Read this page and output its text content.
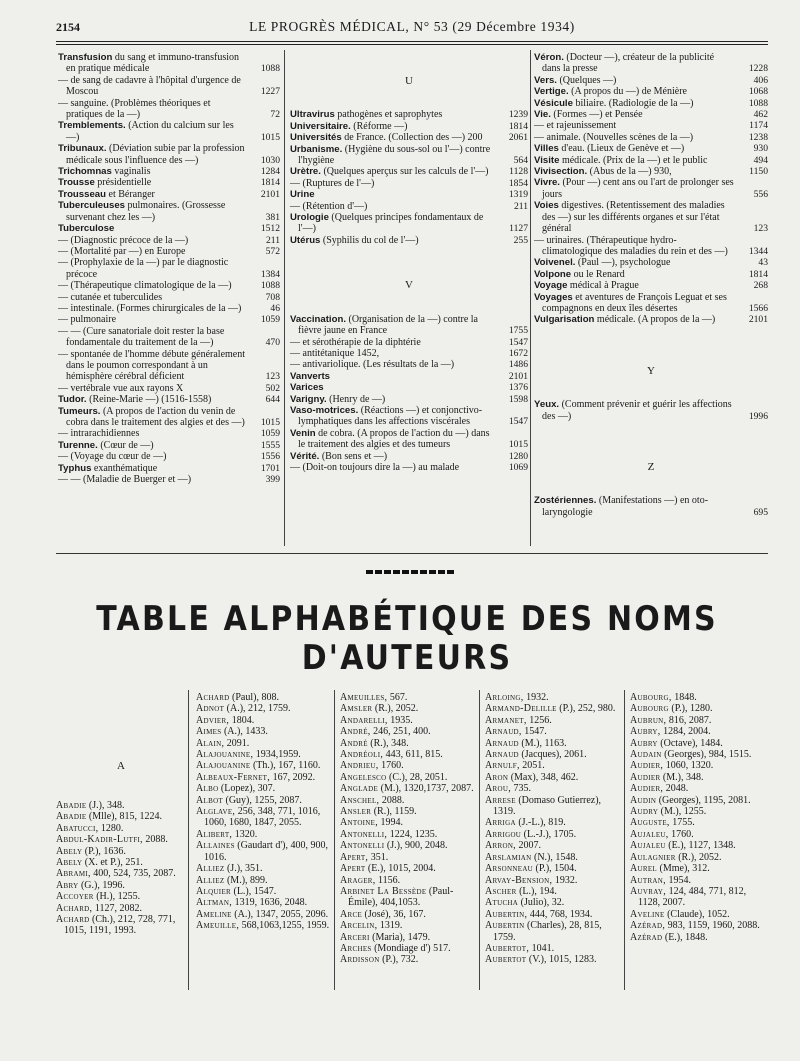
2154	LE PROGRÈS MÉDICAL, N° 53 (29 Décembre 1934)
Transfusion du sang et immuno-transfusion en pratique médicale	1088
— de sang de cadavre à l'hôpital d'urgence de Moscou	1227
— sanguine. (Problèmes théoriques et pratiques de la —)	72
Tremblements. (Action du calcium sur les —)	1015
Tribunaux. (Déviation subie par la profession médicale sous l'influence des —)	1030
Trichomnas vaginalis	1284
Trousse présidentielle	1814
Trousseau et Béranger	2101
Tuberculeuses pulmonaires. (Grossesse survenant chez les —)	381
Tuberculose	1512
— (Diagnostic précoce de la —)	211
— (Mortalité par —) en Europe	572
— (Prophylaxie de la —) par le diagnostic précoce	1384
— (Thérapeutique climatologique de la —)	1088
— cutanée et tuberculides	708
— intestinale. (Formes chirurgicales de la —)	46
— pulmonaire	1059
— — (Cure sanatoriale doit rester la base fondamentale du traitement de la —)	470
— spontanée de l'homme débute généralement dans le poumon correspondant à un hémisphère cérébral déficient	123
— vertébrale vue aux rayons X	502
Tudor. (Reine-Marie —) (1516-1558)	644
Tumeurs. (A propos de l'action du venin de cobra dans le traitement des algies et des —) 1015
— intrarachidiennes	1059
Turenne. (Cœur de —)	1555
— (Voyage du cœur de —)	1556
Typhus exanthématique	1701
— — (Maladie de Buerger et —)	399
U
Ultravirus pathogènes et saprophytes	1239
Universitaire. (Réforme —)	1814
Universités de France. (Collection des —) 200	2061
Urbanisme. (Hygiène du sous-sol ou l'—) contre l'hygiène	564
Urètre. (Quelques aperçus sur les calculs de l'—)	1128
— (Ruptures de l'—)	1854
Urine	1319
— (Rétention d'—)	211
Urologie (Quelques principes fondamentaux de l'—)	1127
Utérus (Syphilis du col de l'—)	255
V
Vaccination. (Organisation de la —) contre la fièvre jaune en France	1755
— et sérothérapie de la diphtérie	1547
— antitétanique 1452,	1672
— antivariolique. (Les résultats de la —)	1486
Vanverts	2101
Varices	1376
Varigny. (Henry de —)	1598
Vaso-motrices. (Réactions —) et conjonctivo-lymphatiques dans les affections viscérales	1547
Venin de cobra. (A propos de l'action du —) dans le traitement des algies et des tumeurs	1015
Vérité. (Bon sens et —)	1280
— (Doit-on toujours dire la —) au malade	1069
Véron. (Docteur —), créateur de la publicité dans la presse	1228
Vers. (Quelques —)	406
Vertige. (A propos du —) de Ménière	1068
Vésicule biliaire. (Radiologie de la —)	1088
Vie. (Formes —) et Pensée	462
— et rajeunissement	1174
— animale. (Nouvelles scènes de la —)	1238
Villes d'eau. (Lieux de Genève et —)	930
Visite médicale. (Prix de la —) et le public	494
Vivisection. (Abus de la —) 930,	1150
Vivre. (Pour —) cent ans ou l'art de prolonger ses jours	556
Voies digestives. (Retentissement des maladies des —) sur les différents organes et sur l'état général	123
— urinaires. (Thérapeutique hydro-climatologique des maladies du rein et des —)	1344
Voivenel. (Paul —), psychologue	43
Volpone ou le Renard	1814
Voyage médical à Prague	268
Voyages et aventures de François Leguat et ses compagnons en deux îles désertes	1566
Vulgarisation médicale. (A propos de la —)	2101
Y
Yeux. (Comment prévenir et guérir les affections des —)	1996
Z
Zostériennes. (Manifestations —) en oto-laryngologie	695
TABLE ALPHABÉTIQUE DES NOMS D'AUTEURS
A
Abadie (J.), 348.
Abadie (Mlle), 815, 1224.
Abatucci, 1280.
Abdul-Kadir-Lutfi, 2088.
Abely (P.), 1636.
Abely (X. et P.), 251.
Abrami, 400, 524, 735, 2087.
Abry (G.), 1996.
Accoyer (H.), 1255.
Achard, 1127, 2082.
Achard (Ch.), 212, 728, 771, 1015, 1191, 1993.
Achard (Paul), 808.
Adnot (A.), 212, 1759.
Advier, 1804.
Aimes (A.), 1433.
Alain, 2091.
Alajouanine, 1934,1959.
Alajouanine (Th.), 167, 1160.
Albeaux-Fernet, 167, 2092.
Albo (Lopez), 307.
Albot (Guy), 1255, 2087.
Alglave, 256, 348, 771, 1016, 1060, 1680, 1847, 2055.
Alibert, 1320.
Allaines (Gaudart d'), 400, 900, 1016.
Alliez (J.), 351.
Alliez (M.), 899.
Alquier (L.), 1547.
Altman, 1319, 1636, 2048.
Ameline (A.), 1347, 2055, 2096.
Ameuille, 568,1063,1255, 1959.
Ameuilles, 567.
Amsler (R.), 2052.
Andarelli, 1935.
André, 246, 251, 400.
André (R.), 348.
Andréoli, 443, 611, 815.
Andrieu, 1760.
Angelesco (C.), 28, 2051.
Anglade (M.), 1320,1737, 2087.
Anschel, 2088.
Ansler (R.), 1159.
Antoine, 1994.
Antonelli, 1224, 1235.
Antonelli (J.), 900, 2048.
Apert, 351.
Apert (E.), 1015, 2004.
Arager, 1156.
Arbinet La Bessède (Paul-Émile), 404,1053.
Arce (José), 36, 167.
Arcelin, 1319.
Arceri (Maria), 1479.
Arches (Mondiage d') 517.
Ardisson (P.), 732.
Arloing, 1932.
Armand-Delille (P.), 252, 980.
Armanet, 1256.
Arnaud, 1547.
Arnaud (M.), 1163.
Arnaud (Jacques), 2061.
Arnulf, 2051.
Aron (Max), 348, 462.
Arou, 735.
Arrese (Domaso Gutierrez), 1319.
Arriga (J.-L.), 819.
Arrigou (L.-J.), 1705.
Arron, 2007.
Arslamian (N.), 1548.
Arsonneau (P.), 1504.
Arvay-Bension, 1932.
Ascher (L.), 194.
Atucha (Julio), 32.
Aubertin, 444, 768, 1934.
Aubertin (Charles), 28, 815, 1759.
Aubertot, 1041.
Aubertot (V.), 1015, 1283.
Aubourg, 1848.
Aubourg (P.), 1280.
Aubrun, 816, 2087.
Aubry, 1284, 2004.
Aubry (Octave), 1484.
Audain (Georges), 984, 1515.
Audier, 1060, 1320.
Audier (M.), 348.
Audier, 2048.
Audin (Georges), 1195, 2081.
Audry (M.), 1255.
Auguste, 1755.
Aujaleu, 1760.
Aujaleu (E.), 1127, 1348.
Aulagnier (R.), 2052.
Aurel (Mme), 312.
Autran, 1954.
Auvray, 124, 484, 771, 812, 1128, 2007.
Aveline (Claude), 1052.
Azérad, 983, 1159, 1960, 2088.
Azérad (E.), 1848.
